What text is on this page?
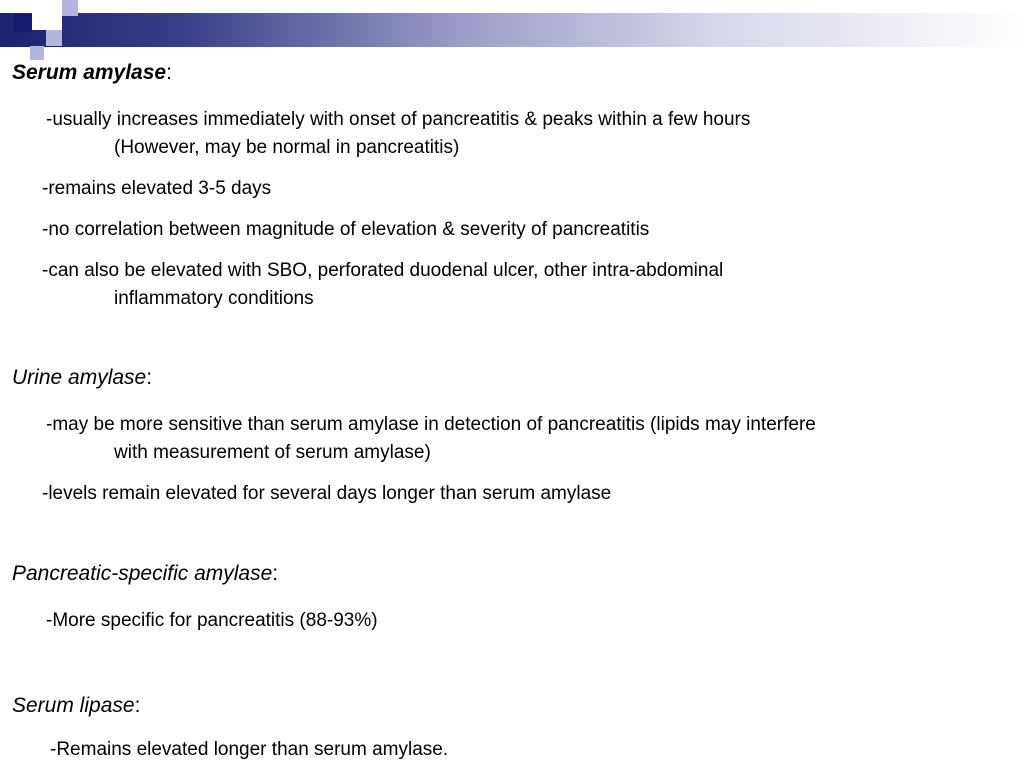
Serum amylase:
-usually increases immediately with onset of pancreatitis & peaks within a few hours
(However, may be normal in pancreatitis)
-remains elevated 3-5 days
-no correlation between magnitude of elevation & severity of pancreatitis
-can also be elevated with SBO, perforated duodenal ulcer, other intra-abdominal
inflammatory conditions
Urine amylase:
-may be more sensitive than serum amylase in detection of pancreatitis (lipids may interfere
with measurement of serum amylase)
-levels remain elevated for several days longer than serum amylase
Pancreatic-specific amylase:
-More specific for pancreatitis (88-93%)
Serum lipase:
-Remains elevated longer than serum amylase.
